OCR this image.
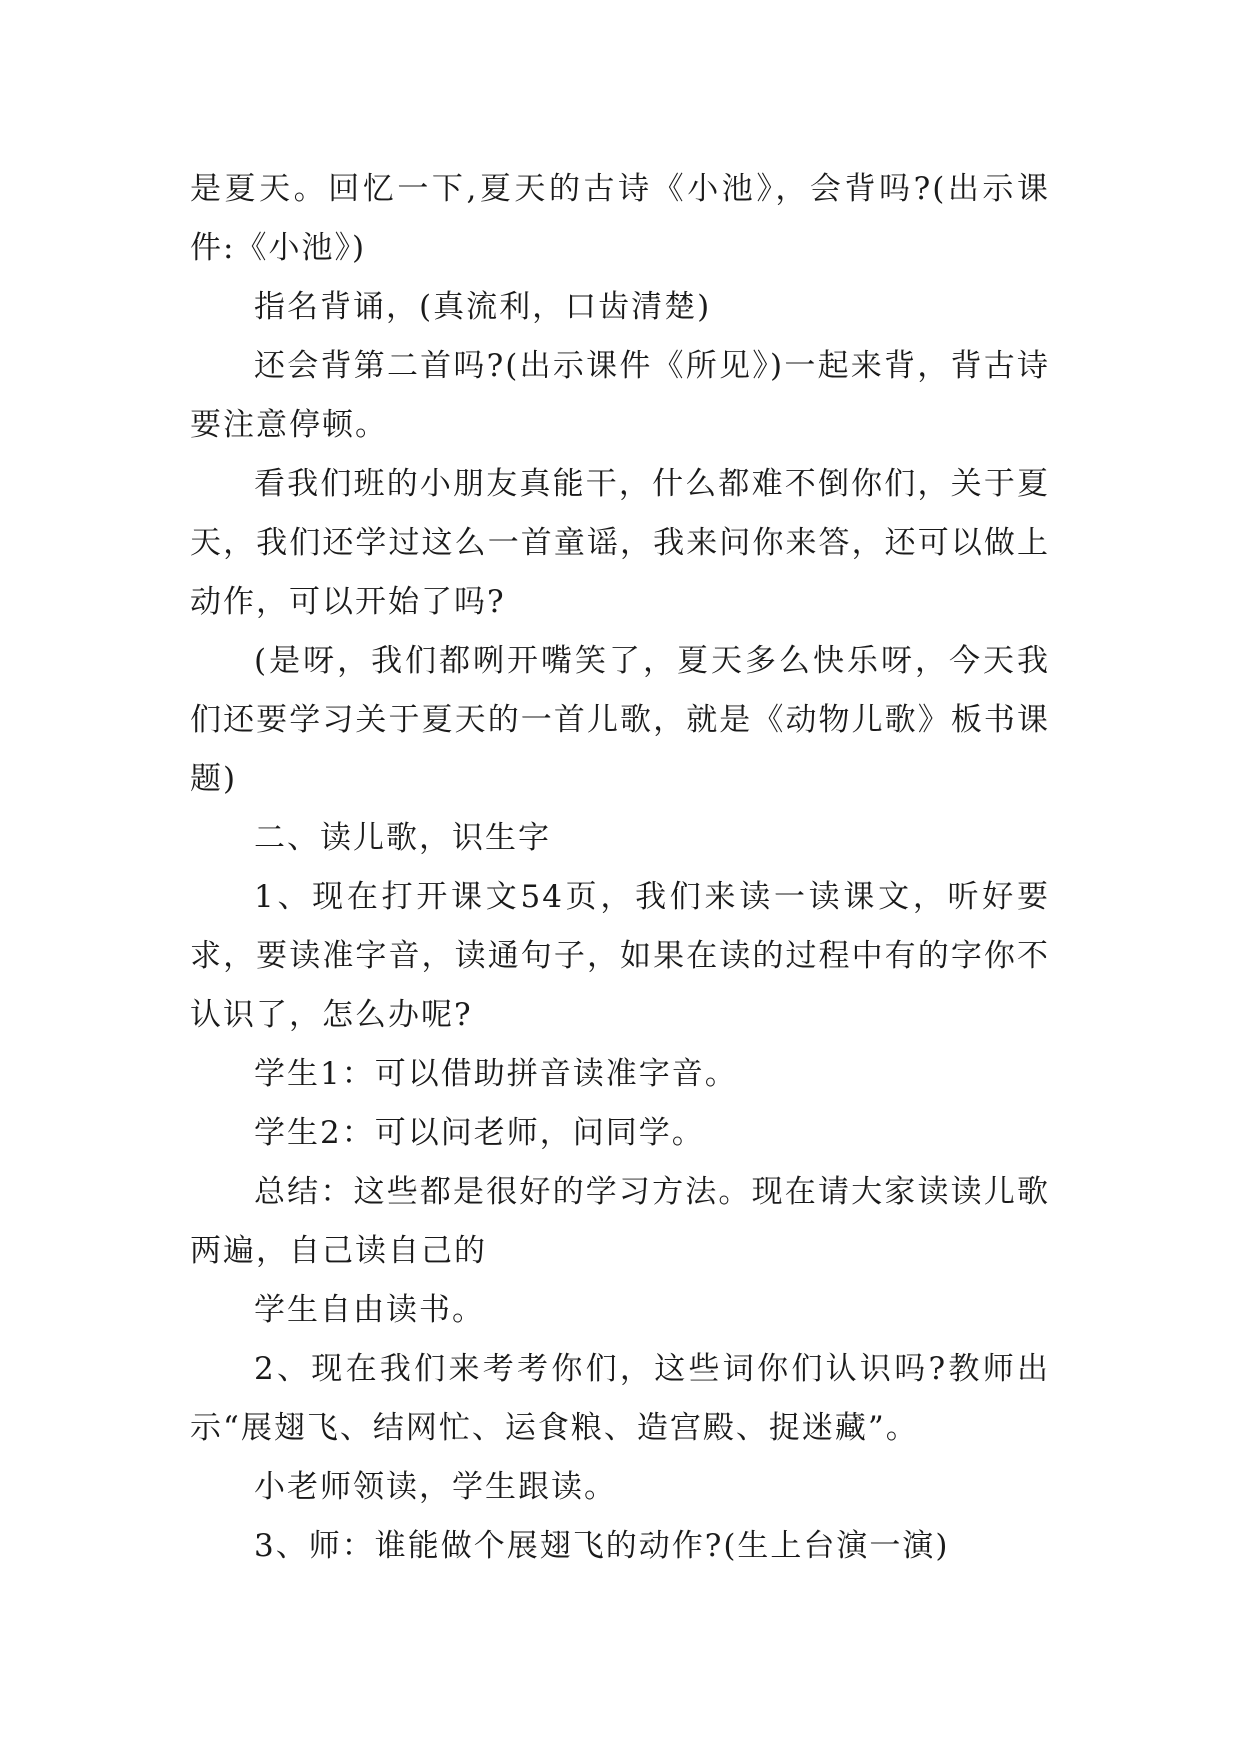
是夏天。回忆一下,夏天的古诗《小池》，会背吗?(出示课件:《小池》)

指名背诵，(真流利，口齿清楚)

还会背第二首吗?(出示课件《所见》)一起来背，背古诗要注意停顿。

看我们班的小朋友真能干，什么都难不倒你们，关于夏天，我们还学过这么一首童谣，我来问你来答，还可以做上动作，可以开始了吗?

(是呀，我们都咧开嘴笑了，夏天多么快乐呀，今天我们还要学习关于夏天的一首儿歌，就是《动物儿歌》板书课题)

二、读儿歌，识生字

1、现在打开课文54页，我们来读一读课文，听好要求，要读准字音，读通句子，如果在读的过程中有的字你不认识了，怎么办呢?

学生1：可以借助拼音读准字音。

学生2：可以问老师，问同学。

总结：这些都是很好的学习方法。现在请大家读读儿歌两遍，自己读自己的

学生自由读书。

2、现在我们来考考你们，这些词你们认识吗?教师出示“展翅飞、结网忙、运食粮、造宫殿、捉迷藏”。

小老师领读，学生跟读。

3、师：谁能做个展翅飞的动作?(生上台演一演)
